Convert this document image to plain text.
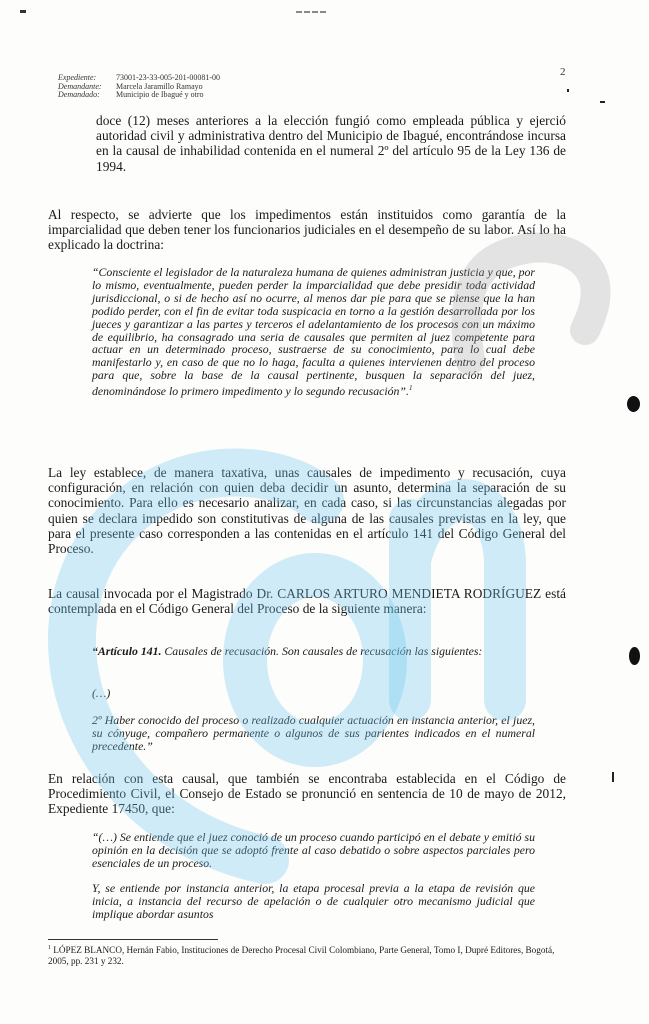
Expediente: 73001-23-33-005-201-00081-00
Demandante: Marcela Jaramillo Ramayo
Demandado: Municipio de Ibagué y otro
2
doce (12) meses anteriores a la elección fungió como empleada pública y ejerció autoridad civil y administrativa dentro del Municipio de Ibagué, encontrándose incursa en la causal de inhabilidad contenida en el numeral 2º del artículo 95 de la Ley 136 de 1994.
Al respecto, se advierte que los impedimentos están instituidos como garantía de la imparcialidad que deben tener los funcionarios judiciales en el desempeño de su labor. Así lo ha explicado la doctrina:
“Consciente el legislador de la naturaleza humana de quienes administran justicia y que, por lo mismo, eventualmente, pueden perder la imparcialidad que debe presidir toda actividad jurisdiccional, o si de hecho así no ocurre, al menos dar pie para que se piense que la han podido perder, con el fin de evitar toda suspicacia en torno a la gestión desarrollada por los jueces y garantizar a las partes y terceros el adelantamiento de los procesos con un máximo de equilibrio, ha consagrado una seria de causales que permiten al juez competente para actuar en un determinado proceso, sustraerse de su conocimiento, para lo cual debe manifestarlo y, en caso de que no lo haga, faculta a quienes intervienen dentro del proceso para que, sobre la base de la causal pertinente, busquen la separación del juez, denominándose lo primero impedimento y lo segundo recusación”.$^1$
La ley establece, de manera taxativa, unas causales de impedimento y recusación, cuya configuración, en relación con quien deba decidir un asunto, determina la separación de su conocimiento. Para ello es necesario analizar, en cada caso, si las circunstancias alegadas por quien se declara impedido son constitutivas de alguna de las causales previstas en la ley, que para el presente caso corresponden a las contenidas en el artículo 141 del Código General del Proceso.
La causal invocada por el Magistrado Dr. CARLOS ARTURO MENDIETA RODRÍGUEZ está contemplada en el Código General del Proceso de la siguiente manera:
“Artículo 141. Causales de recusación. Son causales de recusación las siguientes:
(…)
2º Haber conocido del proceso o realizado cualquier actuación en instancia anterior, el juez, su cónyuge, compañero permanente o algunos de sus parientes indicados en el numeral precedente.”
En relación con esta causal, que también se encontraba establecida en el Código de Procedimiento Civil, el Consejo de Estado se pronunció en sentencia de 10 de mayo de 2012, Expediente 17450, que:
“(…) Se entiende que el juez conoció de un proceso cuando participó en el debate y emitió su opinión en la decisión que se adoptó frente al caso debatido o sobre aspectos parciales pero esenciales de un proceso.
Y, se entiende por instancia anterior, la etapa procesal previa a la etapa de revisión que inicia, a instancia del recurso de apelación o de cualquier otro mecanismo judicial que implique abordar asuntos
$^1$ LÓPEZ BLANCO, Hernán Fabio, Instituciones de Derecho Procesal Civil Colombiano, Parte General, Tomo I, Dupré Editores, Bogotá, 2005, pp. 231 y 232.
